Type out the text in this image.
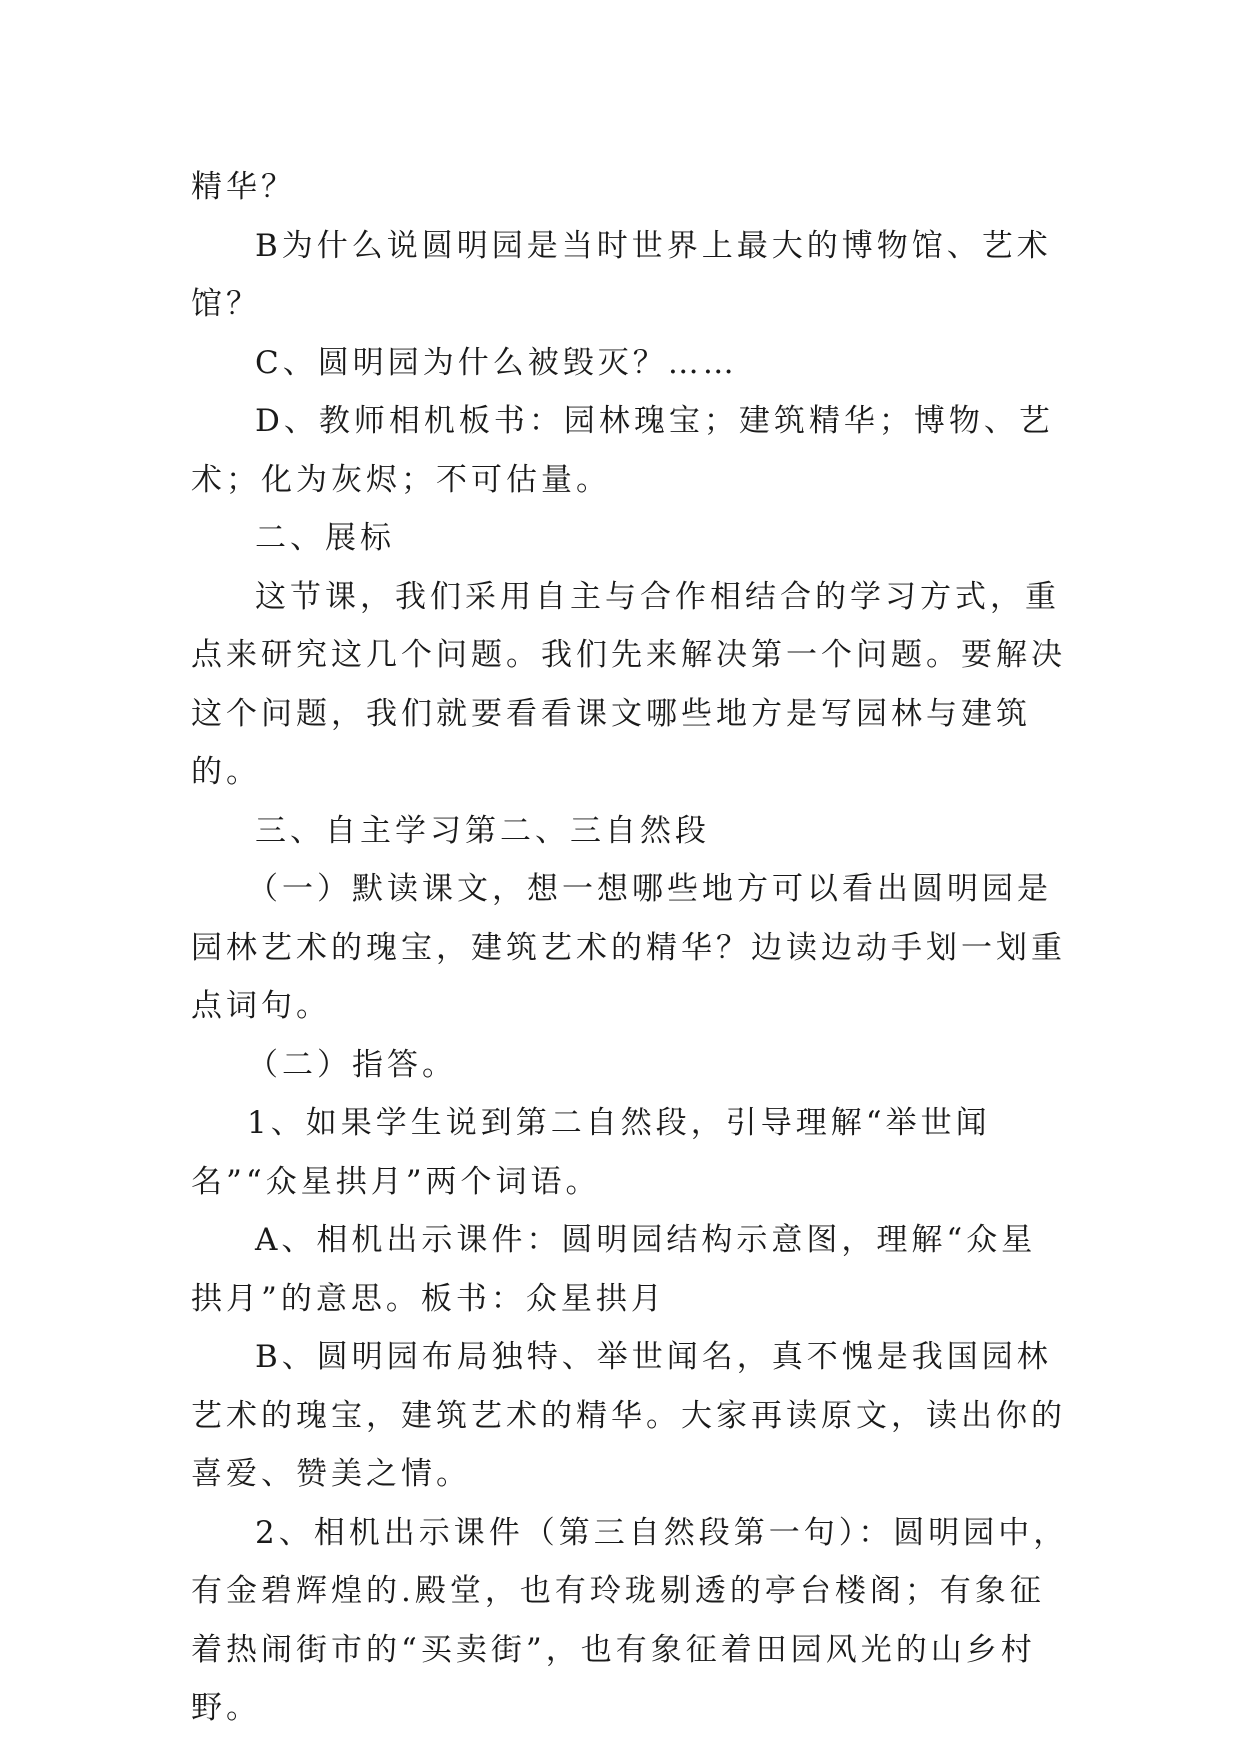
精华？

B为什么说圆明园是当时世界上最大的博物馆、艺术馆？

C、圆明园为什么被毁灭？……

D、教师相机板书：园林瑰宝；建筑精华；博物、艺术；化为灰烬；不可估量。

二、展标

这节课，我们采用自主与合作相结合的学习方式，重点来研究这几个问题。我们先来解决第一个问题。要解决这个问题，我们就要看看课文哪些地方是写园林与建筑的。

三、自主学习第二、三自然段

（一）默读课文，想一想哪些地方可以看出圆明园是园林艺术的瑰宝，建筑艺术的精华？边读边动手划一划重点词句。

（二）指答。

1、如果学生说到第二自然段，引导理解“举世闻名”“众星拱月”两个词语。

A、相机出示课件：圆明园结构示意图，理解“众星拱月”的意思。板书：众星拱月

B、圆明园布局独特、举世闻名，真不愧是我国园林艺术的瑰宝，建筑艺术的精华。大家再读原文，读出你的喜爱、赞美之情。

2、相机出示课件（第三自然段第一句）：圆明园中，有金碧辉煌的.殿堂，也有玲珑剔透的亭台楼阁；有象征着热闹街市的“买卖街”，也有象征着田园风光的山乡村野。
